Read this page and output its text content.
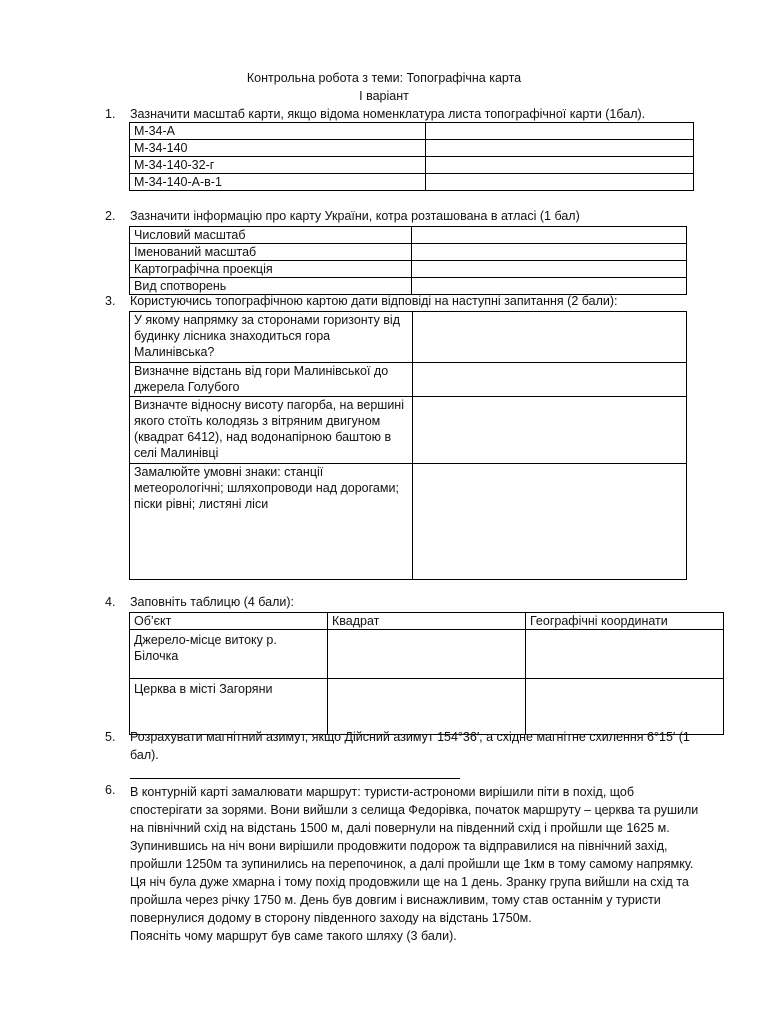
Контрольна робота з теми: Топографічна карта
І варіант
1. Зазначити масштаб карти, якщо відома номенклатура листа топографічної карти (1бал).
М-34-А	
М-34-140	
М-34-140-32-г	
М-34-140-А-в-1	
2. Зазначити інформацію про карту України, котра розташована в атласі (1 бал)
Числовий масштаб	
Іменований масштаб	
Картографічна проекція	
Вид спотворень	
3. Користуючись топографічною картою дати відповіді на наступні запитання (2 бали):
У якому напрямку за сторонами горизонту від будинку лісника знаходиться гора Малинівська?	
Визначне відстань від гори Малинівської до джерела Голубого	
Визначте відносну висоту пагорба, на вершині якого стоїть колодязь з вітряним двигуном (квадрат 6412), над водонапірною баштою в селі Малинівці	
Замалюйте умовні знаки: станції метеорологічні; шляхопроводи над дорогами; піски рівні; листяні ліси	
4. Заповніть таблицю (4 бали):
Об’єкт	Квадрат	Географічні координати
Джерело-місце витоку р. Білочка		
Церква в місті Загоряни		
5. Розрахувати магнітний азимут, якщо Дійсний азимут 154°36′, а східне магнітне схилення 6°15′ (1
бал).
6. В контурній карті замалювати маршрут: туристи-астрономи вирішили піти в похід, щоб
спостерігати за зорями. Вони вийшли з селища Федорівка, початок маршруту – церква та рушили
на північний схід на відстань 1500 м, далі повернули на південний схід і пройшли ще 1625 м.
Зупинившись на ніч вони вирішили продовжити подорож та відправилися на північний захід,
пройшли 1250м та зупинились на перепочинок, а далі пройшли ще 1км в тому самому напрямку.
Ця ніч була дуже хмарна і тому похід продовжили ще на 1 день. Зранку група вийшли на схід та
пройшла через річку 1750 м. День був довгим і виснажливим, тому став останнім у туристи
повернулися додому в сторону південного заходу на відстань 1750м.
Поясніть чому маршрут був саме такого шляху (3 бали).
